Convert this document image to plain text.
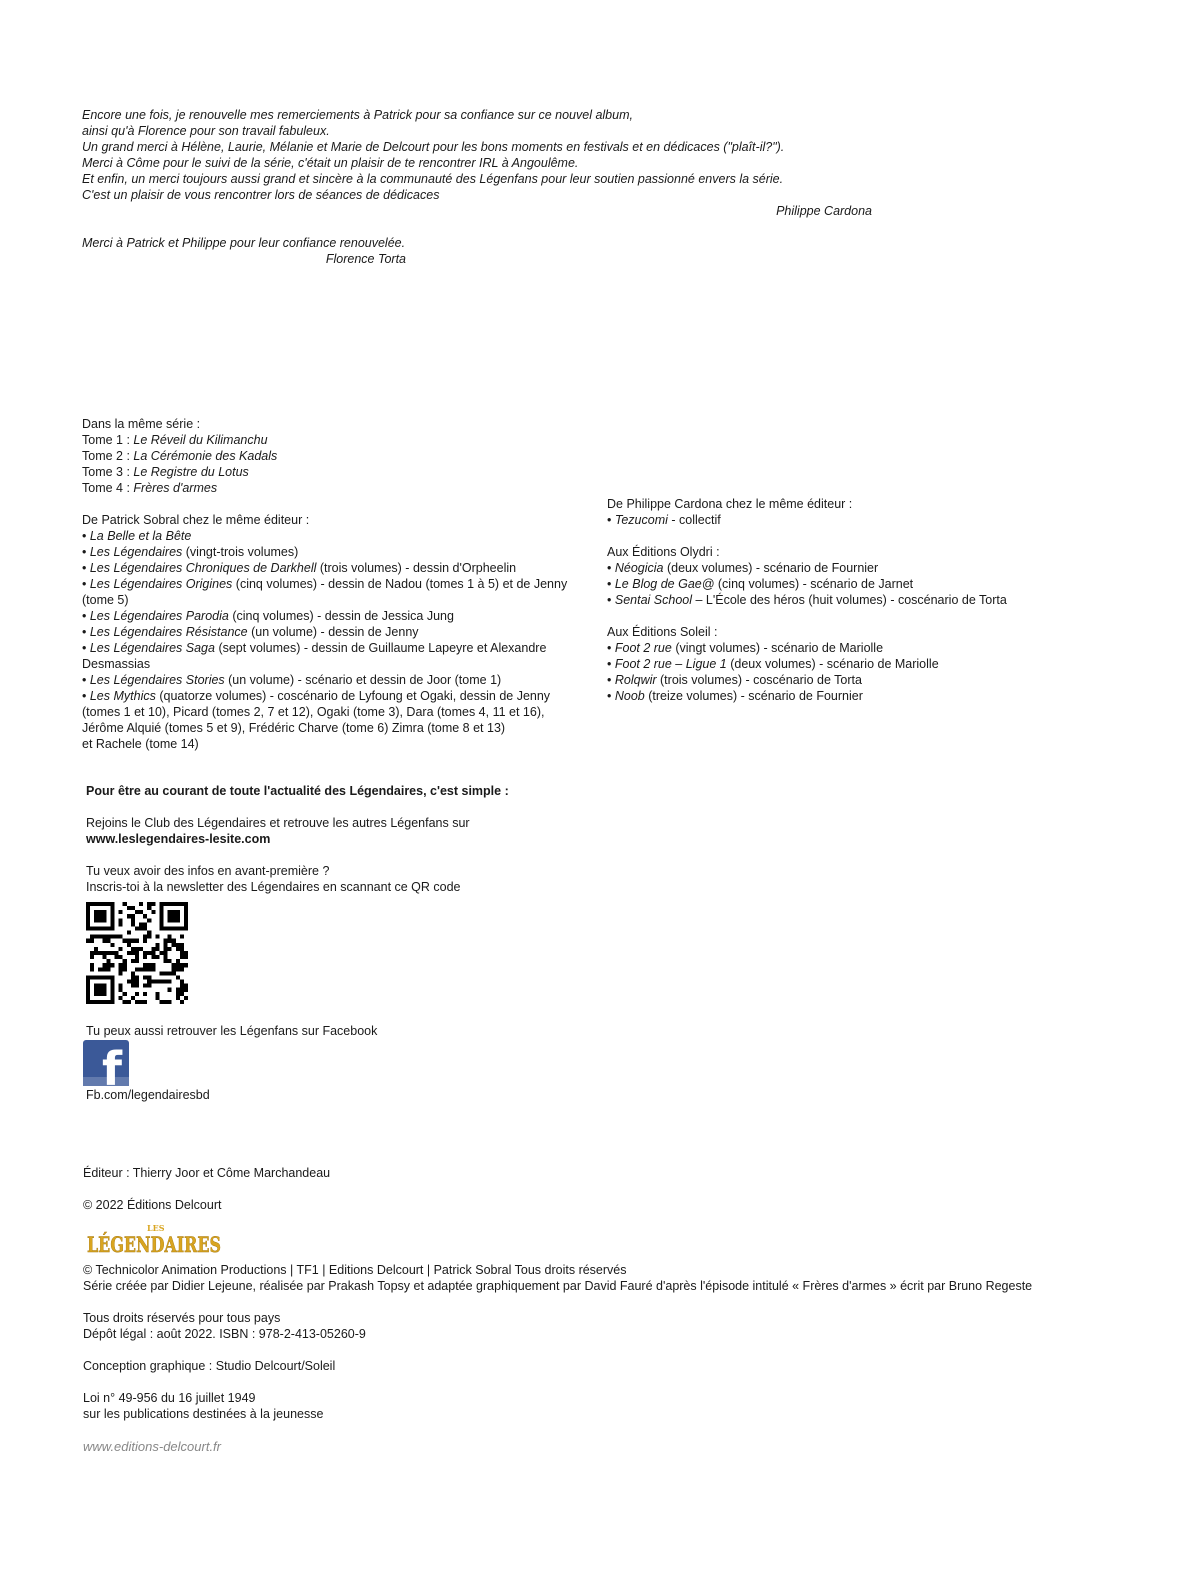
Encore une fois, je renouvelle mes remerciements à Patrick pour sa confiance sur ce nouvel album,
ainsi qu'à Florence pour son travail fabuleux.
Un grand merci à Hélène, Laurie, Mélanie et Marie de Delcourt pour les bons moments en festivals et en dédicaces ("plaît-il?").
Merci à Côme pour le suivi de la série, c'était un plaisir de te rencontrer IRL à Angoulême.
Et enfin, un merci toujours aussi grand et sincère à la communauté des Légenfans pour leur soutien passionné envers la série.
C'est un plaisir de vous rencontrer lors de séances de dédicaces
Philippe Cardona
Merci à Patrick et Philippe pour leur confiance renouvelée.
Florence Torta
Dans la même série :
Tome 1 : Le Réveil du Kilimanchu
Tome 2 : La Cérémonie des Kadals
Tome 3 : Le Registre du Lotus
Tome 4 : Frères d'armes
De Patrick Sobral chez le même éditeur :
• La Belle et la Bête
• Les Légendaires (vingt-trois volumes)
• Les Légendaires Chroniques de Darkhell (trois volumes) - dessin d'Orpheelin
• Les Légendaires Origines (cinq volumes) - dessin de Nadou (tomes 1 à 5) et de Jenny
(tome 5)
• Les Légendaires Parodia (cinq volumes) - dessin de Jessica Jung
• Les Légendaires Résistance (un volume) - dessin de Jenny
• Les Légendaires Saga (sept volumes) - dessin de Guillaume Lapeyre et Alexandre
Desmassias
• Les Légendaires Stories (un volume) - scénario et dessin de Joor (tome 1)
• Les Mythics (quatorze volumes) - coscénario de Lyfoung et Ogaki, dessin de Jenny
(tomes 1 et 10), Picard (tomes 2, 7 et 12), Ogaki (tome 3), Dara (tomes 4, 11 et 16),
Jérôme Alquié (tomes 5 et 9), Frédéric Charve (tome 6) Zimra (tome 8 et 13)
et Rachele (tome 14)
De Philippe Cardona chez le même éditeur :
• Tezucomi - collectif
Aux Éditions Olydri :
• Néogicia (deux volumes) - scénario de Fournier
• Le Blog de Gae@ (cinq volumes) - scénario de Jarnet
• Sentai School – L'École des héros (huit volumes) - coscénario de Torta
Aux Éditions Soleil :
• Foot 2 rue (vingt volumes) - scénario de Mariolle
• Foot 2 rue – Ligue 1 (deux volumes) - scénario de Mariolle
• Rolqwir (trois volumes) - coscénario de Torta
• Noob (treize volumes) - scénario de Fournier
Pour être au courant de toute l'actualité des Légendaires, c'est simple :
Rejoins le Club des Légendaires et retrouve les autres Légenfans sur
www.leslegendaires-lesite.com
Tu veux avoir des infos en avant-première ?
Inscris-toi à la newsletter des Légendaires en scannant ce QR code
Tu peux aussi retrouver les Légenfans sur Facebook
f
Fb.com/legendairesbd
Éditeur : Thierry Joor et Côme Marchandeau
© 2022 Éditions Delcourt
LES
LÉGENDAIRES
© Technicolor Animation Productions | TF1 | Editions Delcourt | Patrick Sobral Tous droits réservés
Série créée par Didier Lejeune, réalisée par Prakash Topsy et adaptée graphiquement par David Fauré d'après l'épisode intitulé « Frères d'armes » écrit par Bruno Regeste
Tous droits réservés pour tous pays
Dépôt légal : août 2022. ISBN : 978-2-413-05260-9
Conception graphique : Studio Delcourt/Soleil
Loi n° 49-956 du 16 juillet 1949
sur les publications destinées à la jeunesse
www.editions-delcourt.fr
